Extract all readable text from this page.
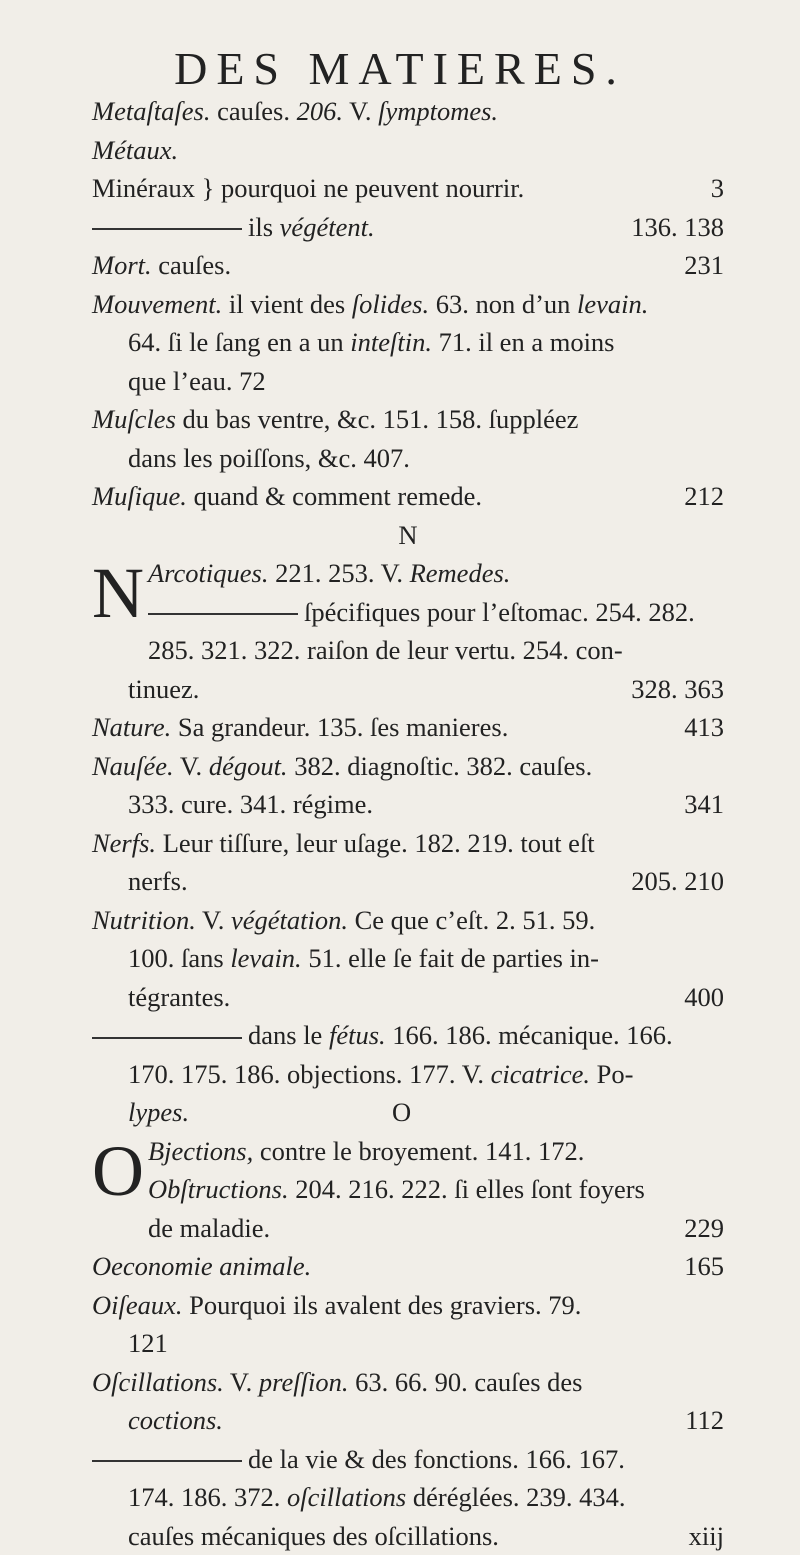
DES MATIERES.
Metaſtaſes. cauſes. 206. V. ſymptomes.
Métaux.
Minéraux } pourquoi ne peuvent nourrir.	3
ils végétent.	136. 138
Mort. cauſes.	231
Mouvement. il vient des ſolides. 63. non d’un levain.
64. ſi le ſang en a un inteſtin. 71. il en a moins
que l’eau. 72
Muſcles du bas ventre, &c. 151. 158. ſuppléez
dans les poiſſons, &c. 407.
Muſique. quand & comment remede.	212
N
N Arcotiques. 221. 253. V. Remedes.
ſpécifiques pour l’eſtomac. 254. 282.
285. 321. 322. raiſon de leur vertu. 254. con-
tinuez.	328. 363
Nature. Sa grandeur. 135. ſes manieres.	413
Nauſée. V. dégout. 382. diagnoſtic. 382. cauſes.
333. cure. 341. régime.	341
Nerfs. Leur tiſſure, leur uſage. 182. 219. tout eſt
nerfs.	205. 210
Nutrition. V. végétation. Ce que c’eſt. 2. 51. 59.
100. ſans levain. 51. elle ſe fait de parties in-
tégrantes.	400
dans le fétus. 166. 186. mécanique. 166.
170. 175. 186. objections. 177. V. cicatrice. Po-
lypes.	O
O Bjections, contre le broyement. 141. 172.
Obſtructions. 204. 216. 222. ſi elles ſont foyers
de maladie.	229
Oeconomie animale.	165
Oiſeaux. Pourquoi ils avalent des graviers. 79.
121
Oſcillations. V. preſſion. 63. 66. 90. cauſes des
coctions.	112
de la vie & des fonctions. 166. 167.
174. 186. 372. oſcillations déréglées. 239. 434.
cauſes mécaniques des oſcillations.	xiij
